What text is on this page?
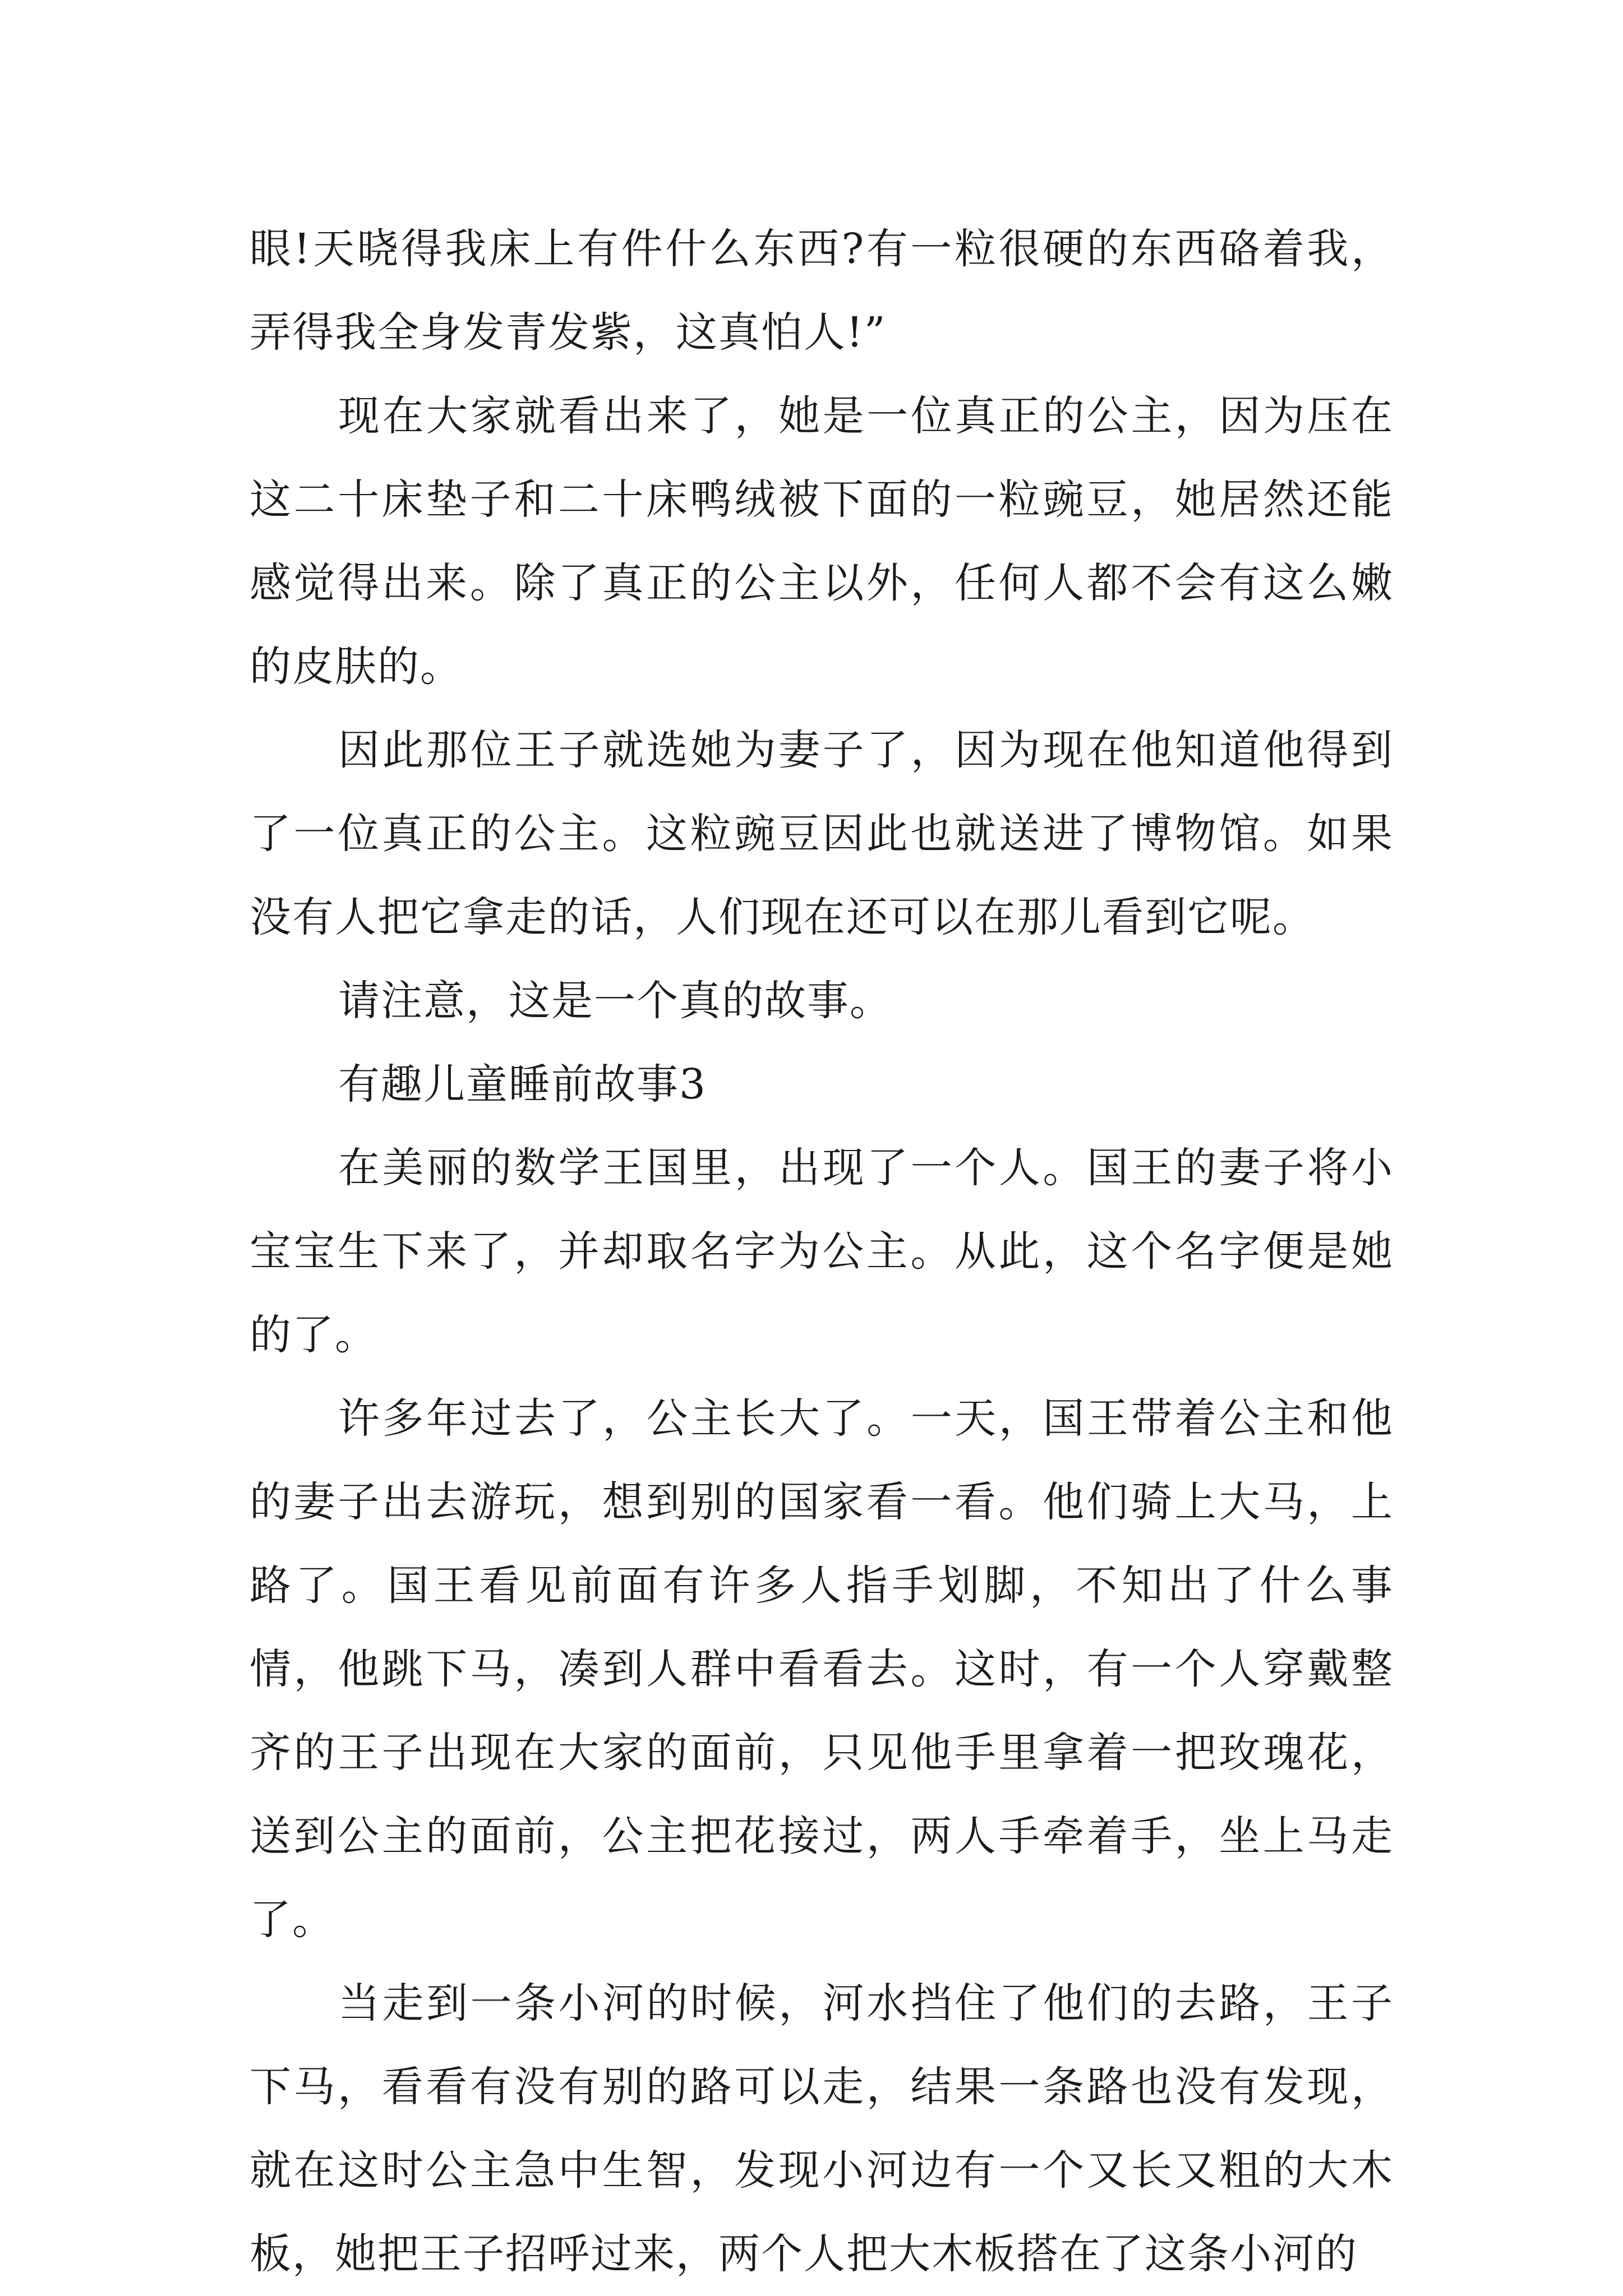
眼!天晓得我床上有件什么东西?有一粒很硬的东西硌着我，弄得我全身发青发紫，这真怕人!”

现在大家就看出来了，她是一位真正的公主，因为压在这二十床垫子和二十床鸭绒被下面的一粒豌豆，她居然还能感觉得出来。除了真正的公主以外，任何人都不会有这么嫩的皮肤的。

因此那位王子就选她为妻子了，因为现在他知道他得到了一位真正的公主。这粒豌豆因此也就送进了博物馆。如果没有人把它拿走的话，人们现在还可以在那儿看到它呢。

请注意，这是一个真的故事。

有趣儿童睡前故事3

在美丽的数学王国里，出现了一个人。国王的妻子将小宝宝生下来了，并却取名字为公主。从此，这个名字便是她的了。

许多年过去了，公主长大了。一天，国王带着公主和他的妻子出去游玩，想到别的国家看一看。他们骑上大马，上路了。国王看见前面有许多人指手划脚，不知出了什么事情，他跳下马，凑到人群中看看去。这时，有一个人穿戴整齐的王子出现在大家的面前，只见他手里拿着一把玫瑰花，送到公主的面前，公主把花接过，两人手牵着手，坐上马走了。

当走到一条小河的时候，河水挡住了他们的去路，王子下马，看看有没有别的路可以走，结果一条路也没有发现，就在这时公主急中生智，发现小河边有一个又长又粗的大木板，她把王子招呼过来，两个人把大木板搭在了这条小河的
